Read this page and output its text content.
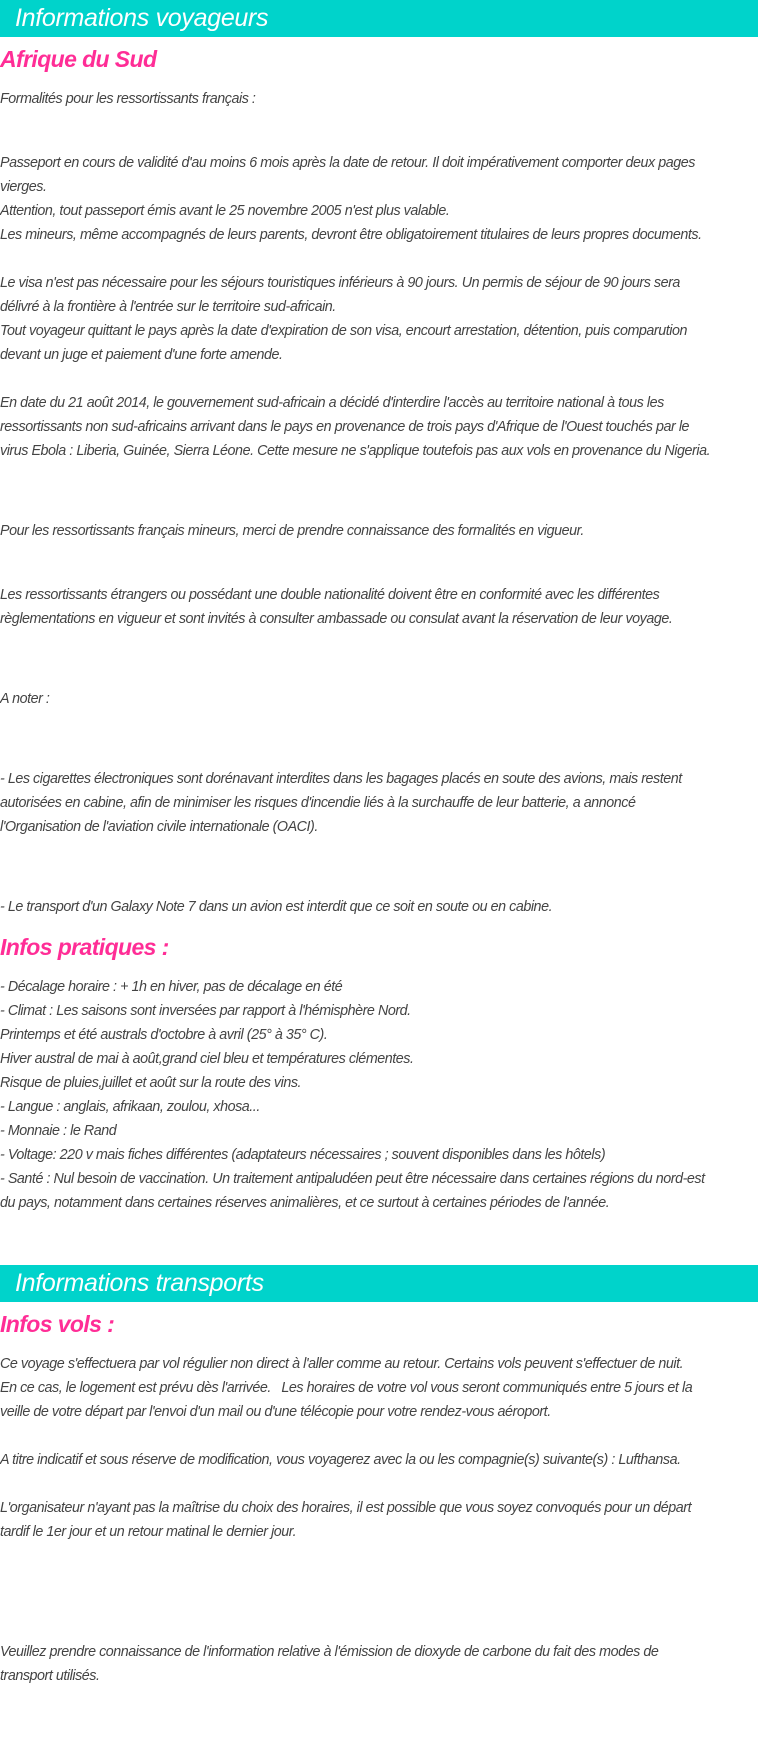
Informations voyageurs
Afrique du Sud

Formalités pour les ressortissants français :

Passeport en cours de validité d'au moins 6 mois après la date de retour. Il doit impérativement comporter deux pages
vierges.
Attention, tout passeport émis avant le 25 novembre 2005 n'est plus valable.
Les mineurs, même accompagnés de leurs parents, devront être obligatoirement titulaires de leurs propres documents.

Le visa n'est pas nécessaire pour les séjours touristiques inférieurs à 90 jours. Un permis de séjour de 90 jours sera
délivré à la frontière à l'entrée sur le territoire sud-africain.
Tout voyageur quittant le pays après la date d'expiration de son visa, encourt arrestation, détention, puis comparution
devant un juge et paiement d'une forte amende.

En date du 21 août 2014, le gouvernement sud-africain a décidé d'interdire l'accès au territoire national à tous les
ressortissants non sud-africains arrivant dans le pays en provenance de trois pays d'Afrique de l'Ouest touchés par le
virus Ebola : Liberia, Guinée, Sierra Léone. Cette mesure ne s'applique toutefois pas aux vols en provenance du Nigeria.

Pour les ressortissants français mineurs, merci de prendre connaissance des formalités en vigueur.

Les ressortissants étrangers ou possédant une double nationalité doivent être en conformité avec les différentes
règlementations en vigueur et sont invités à consulter ambassade ou consulat avant la réservation de leur voyage.

A noter :

- Les cigarettes électroniques sont dorénavant interdites dans les bagages placés en soute des avions, mais restent
autorisées en cabine, afin de minimiser les risques d'incendie liés à la surchauffe de leur batterie, a annoncé
l'Organisation de l'aviation civile internationale (OACI).

- Le transport d'un Galaxy Note 7 dans un avion est interdit que ce soit en soute ou en cabine.

Infos pratiques :

- Décalage horaire : + 1h en hiver, pas de décalage en été
- Climat : Les saisons sont inversées par rapport à l'hémisphère Nord.
Printemps et été australs d'octobre à avril (25° à 35° C).
Hiver austral de mai à août,grand ciel bleu et températures clémentes.
Risque de pluies,juillet et août sur la route des vins.
- Langue : anglais, afrikaan, zoulou, xhosa...
- Monnaie : le Rand
- Voltage: 220 v mais fiches différentes (adaptateurs nécessaires ; souvent disponibles dans les hôtels)
- Santé : Nul besoin de vaccination. Un traitement antipaludéen peut être nécessaire dans certaines régions du nord-est
du pays, notamment dans certaines réserves animalières, et ce surtout à certaines périodes de l'année.

Informations transports
Infos vols :

Ce voyage s'effectuera par vol régulier non direct à l'aller comme au retour. Certains vols peuvent s'effectuer de nuit.
En ce cas, le logement est prévu dès l'arrivée.   Les horaires de votre vol vous seront communiqués entre 5 jours et la
veille de votre départ par l'envoi d'un mail ou d'une télécopie pour votre rendez-vous aéroport.

A titre indicatif et sous réserve de modification, vous voyagerez avec la ou les compagnie(s) suivante(s) : Lufthansa.

L'organisateur n'ayant pas la maîtrise du choix des horaires, il est possible que vous soyez convoqués pour un départ
tardif le 1er jour et un retour matinal le dernier jour.

Veuillez prendre connaissance de l'information relative à l'émission de dioxyde de carbone du fait des modes de
transport utilisés.
